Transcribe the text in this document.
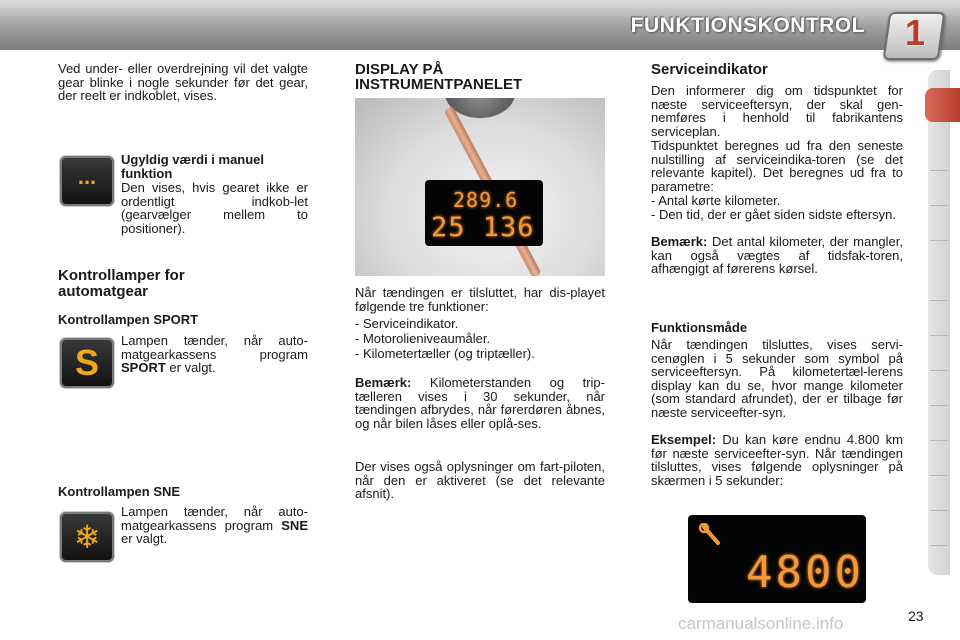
FUNKTIONSKONTROL 1

Ved under- eller overdrejning vil det valgte gear blinke i nogle sekunder før det gear, der reelt er indkoblet, vises.

...

Ugyldig værdi i manuel funktion

Den vises, hvis gearet ikke er ordentligt indkob-let (gearvælger mellem to positioner).

Kontrollamper for automatgear

Kontrollampen SPORT

S

Lampen tænder, når auto-matgearkassens program SPORT er valgt.

Kontrollampen SNE

❄

Lampen tænder, når auto-matgearkassens program SNE er valgt.

DISPLAY PÅ INSTRUMENTPANELET

289.6
25 136

Når tændingen er tilsluttet, har dis-playet følgende tre funktioner:

- Serviceindikator.

- Motorolieniveaumåler.

- Kilometertæller (og triptæller).

Bemærk: Kilometerstanden og trip-tælleren vises i 30 sekunder, når tændingen afbrydes, når førerdøren åbnes, og når bilen låses eller oplå-ses.

Der vises også oplysninger om fart-piloten, når den er aktiveret (se det relevante afsnit).

Serviceindikator

Den informerer dig om tidspunktet for næste serviceeftersyn, der skal gen-nemføres i henhold til fabrikantens serviceplan.

Tidspunktet beregnes ud fra den seneste nulstilling af serviceindika-toren (se det relevante kapitel). Det beregnes ud fra to parametre:

- Antal kørte kilometer.

- Den tid, der er gået siden sidste eftersyn.

Bemærk: Det antal kilometer, der mangler, kan også vægtes af tidsfak-toren, afhængigt af førerens kørsel.

Funktionsmåde

Når tændingen tilsluttes, vises servi-cenøglen i 5 sekunder som symbol på serviceeftersyn. På kilometertæl-lerens display kan du se, hvor mange kilometer (som standard afrundet), der er tilbage før næste serviceefter-syn.

Eksempel: Du kan køre endnu 4.800 km før næste serviceefter-syn. Når tændingen tilsluttes, vises følgende oplysninger på skærmen i 5 sekunder:

4800
carmanualsonline.info	23
